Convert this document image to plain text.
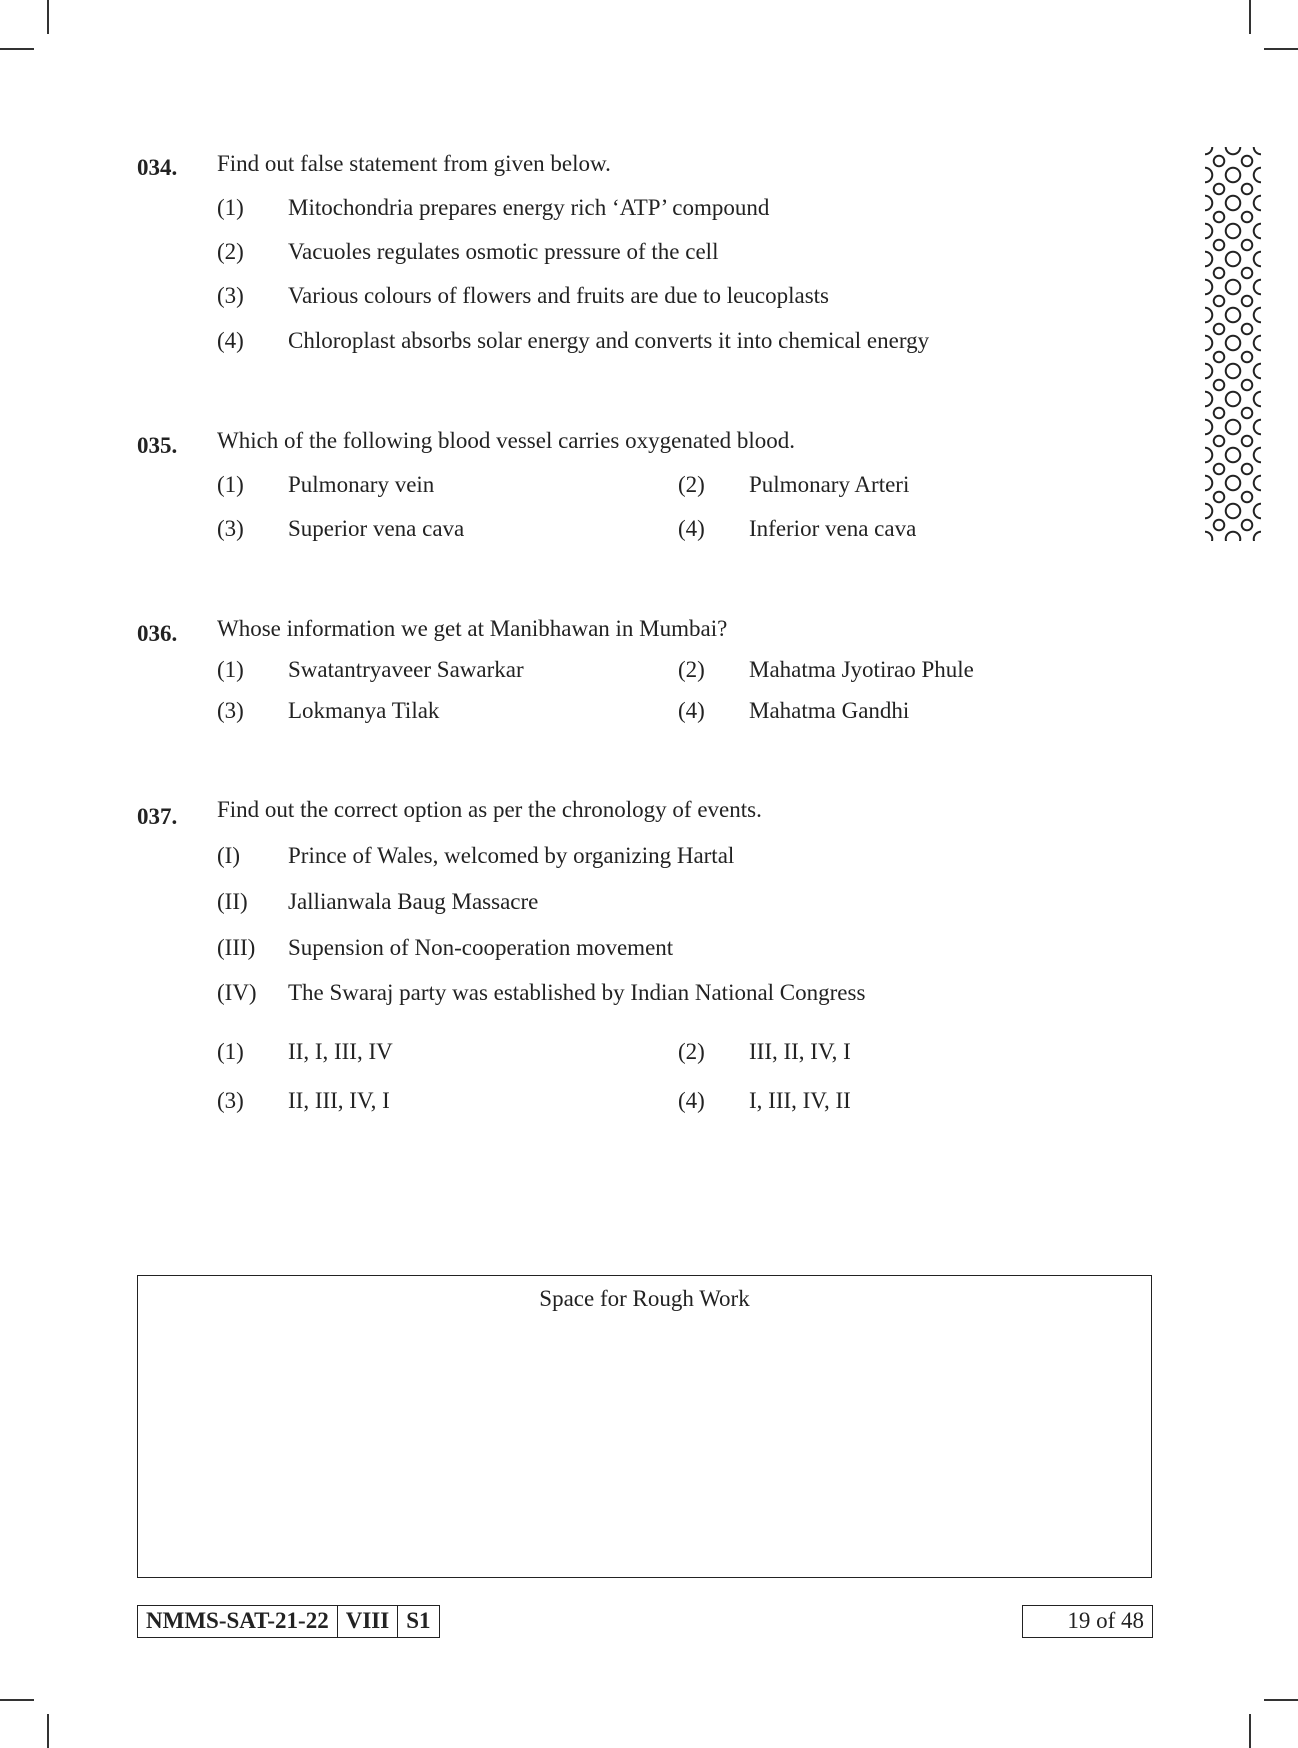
034. Find out false statement from given below.
(1) Mitochondria prepares energy rich ‘ATP’ compound
(2) Vacuoles regulates osmotic pressure of the cell
(3) Various colours of flowers and fruits are due to leucoplasts
(4) Chloroplast absorbs solar energy and converts it into chemical energy
035. Which of the following blood vessel carries oxygenated blood.
(1) Pulmonary vein	(2) Pulmonary Arteri
(3) Superior vena cava	(4) Inferior vena cava
036. Whose information we get at Manibhawan in Mumbai?
(1) Swatantryaveer Sawarkar	(2) Mahatma Jyotirao Phule
(3) Lokmanya Tilak	(4) Mahatma Gandhi
037. Find out the correct option as per the chronology of events.
(I) Prince of Wales, welcomed by organizing Hartal
(II) Jallianwala Baug Massacre
(III) Supension of Non-cooperation movement
(IV) The Swaraj party was established by Indian National Congress
(1) II, I, III, IV	(2) III, II, IV, I
(3) II, III, IV, I	(4) I, III, IV, II
Space for Rough Work
NMMS-SAT-21-22 VIII S1	19 of 48
